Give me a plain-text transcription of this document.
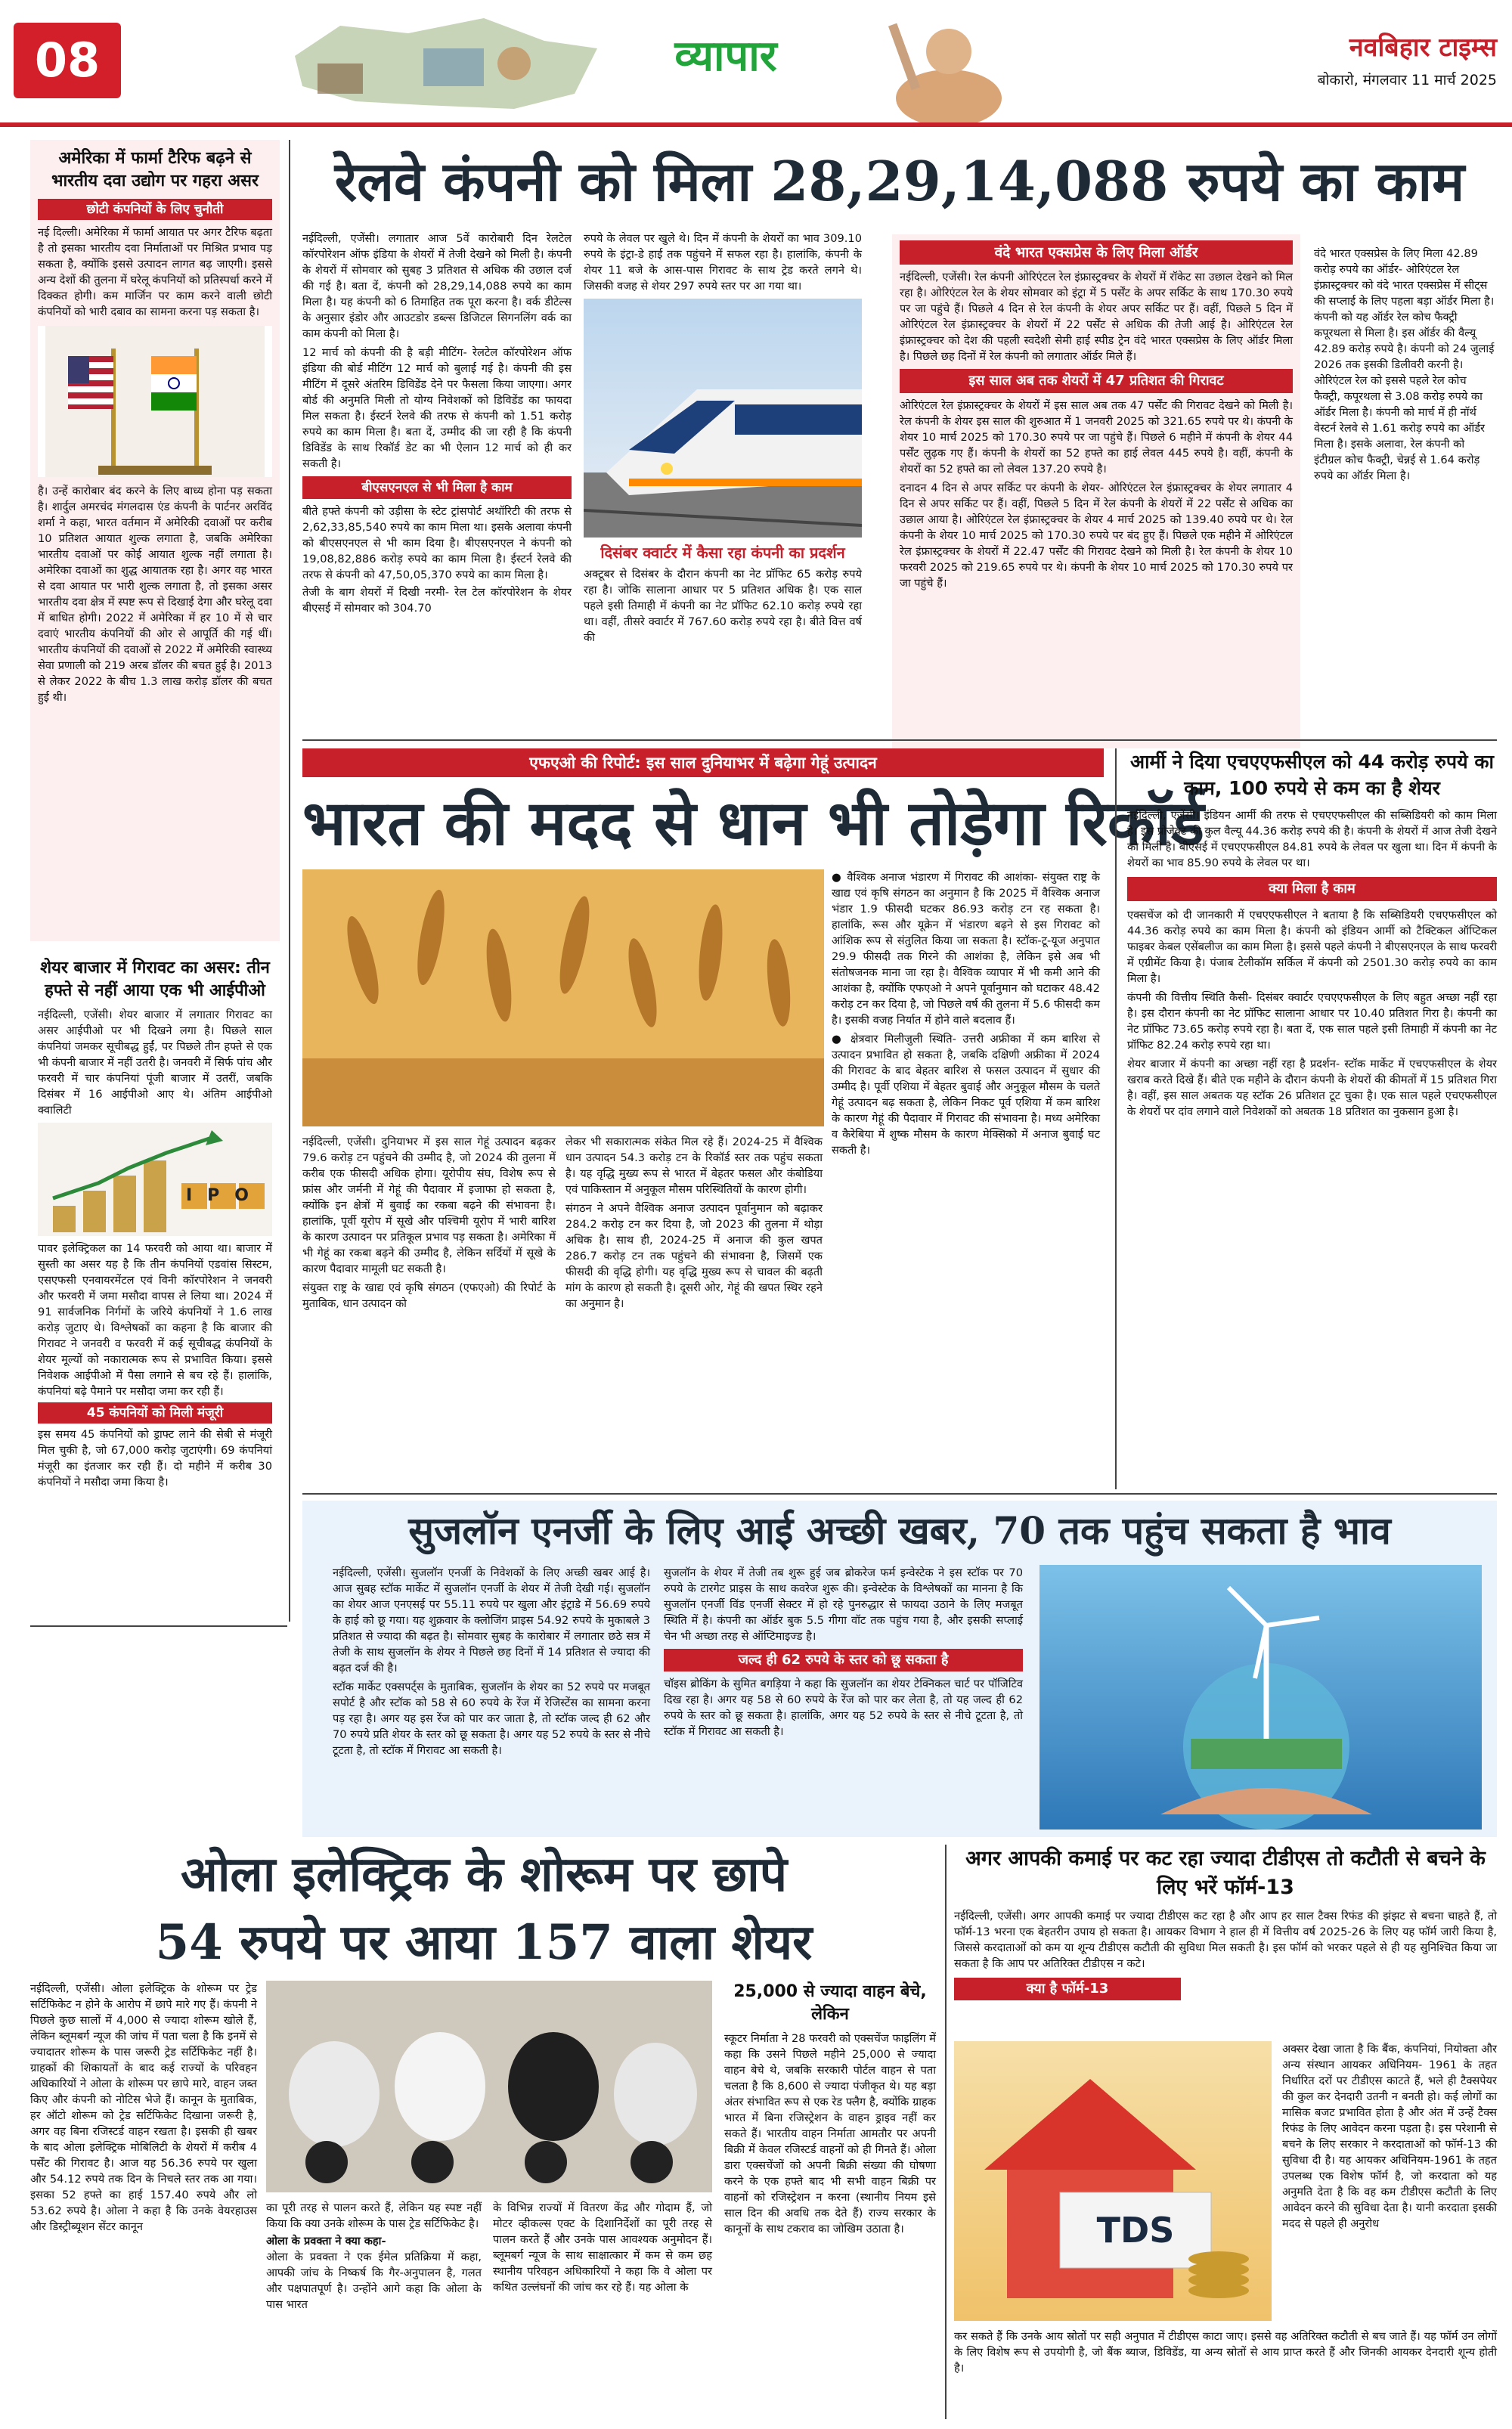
08	व्यापार	नवबिहार टाइम्स
बोकारो, मंगलवार 11 मार्च 2025
अमेरिका में फार्मा टैरिफ बढ़ने से भारतीय दवा उद्योग पर गहरा असर
छोटी कंपनियों के लिए चुनौती

नई दिल्ली। अमेरिका में फार्मा आयात पर अगर टैरिफ बढ़ता है तो इसका भारतीय दवा निर्माताओं पर मिश्रित प्रभाव पड़ सकता है, क्योंकि इससे उत्पादन लागत बढ़ जाएगी। इससे अन्य देशों की तुलना में घरेलू कंपनियों को प्रतिस्पर्धा करने में दिक्कत होगी। कम मार्जिन पर काम करने वाली छोटी कंपनियों को भारी दबाव का सामना करना पड़ सकता है।

है। उन्हें कारोबार बंद करने के लिए बाध्य होना पड़ सकता है। शार्दुल अमरचंद मंगलदास एंड कंपनी के पार्टनर अरविंद शर्मा ने कहा, भारत वर्तमान में अमेरिकी दवाओं पर करीब 10 प्रतिशत आयात शुल्क लगाता है, जबकि अमेरिका भारतीय दवाओं पर कोई आयात शुल्क नहीं लगाता है। अमेरिका दवाओं का शुद्ध आयातक रहा है। अगर वह भारत से दवा आयात पर भारी शुल्क लगाता है, तो इसका असर भारतीय दवा क्षेत्र में स्पष्ट रूप से दिखाई देगा और घरेलू दवा में बाधित होगी। 2022 में अमेरिका में हर 10 में से चार दवाएं भारतीय कंपनियों की ओर से आपूर्ति की गई थीं। भारतीय कंपनियों की दवाओं से 2022 में अमेरिकी स्वास्थ्य सेवा प्रणाली को 219 अरब डॉलर की बचत हुई है। 2013 से लेकर 2022 के बीच 1.3 लाख करोड़ डॉलर की बचत हुई थी।

शेयर बाजार में गिरावट का असर: तीन हफ्ते से नहीं आया एक भी आईपीओ

नईदिल्ली, एजेंसी। शेयर बाजार में लगातार गिरावट का असर आईपीओ पर भी दिखने लगा है। पिछले साल कंपनियां जमकर सूचीबद्ध हुईं, पर पिछले तीन हफ्ते से एक भी कंपनी बाजार में नहीं उतरी है। जनवरी में सिर्फ पांच और फरवरी में चार कंपनियां पूंजी बाजार में उतरीं, जबकि दिसंबर में 16 आईपीओ आए थे। अंतिम आईपीओ क्वालिटी

IPO

पावर इलेक्ट्रिकल का 14 फरवरी को आया था। बाजार में सुस्ती का असर यह है कि तीन कंपनियों एडवांस सिस्टम, एसएफसी एनवायरमेंटल एवं विनी कॉरपोरेशन ने जनवरी और फरवरी में जमा मसौदा वापस ले लिया था। 2024 में 91 सार्वजनिक निर्गमों के जरिये कंपनियों ने 1.6 लाख करोड़ जुटाए थे। विश्लेषकों का कहना है कि बाजार की गिरावट ने जनवरी व फरवरी में कई सूचीबद्ध कंपनियों के शेयर मूल्यों को नकारात्मक रूप से प्रभावित किया। इससे निवेशक आईपीओ में पैसा लगाने से बच रहे हैं। हालांकि, कंपनियां बढ़े पैमाने पर मसौदा जमा कर रही हैं।

45 कंपनियों को मिली मंजूरी

इस समय 45 कंपनियों को ड्राफ्ट लाने की सेबी से मंजूरी मिल चुकी है, जो 67,000 करोड़ जुटाएंगी। 69 कंपनियां मंजूरी का इंतजार कर रही हैं। दो महीने में करीब 30 कंपनियों ने मसौदा जमा किया है।

रेलवे कंपनी को मिला 28,29,14,088 रुपये का काम

नईदिल्ली, एजेंसी। लगातार आज 5वें कारोबारी दिन रेलटेल कॉरपोरेशन ऑफ इंडिया के शेयरों में तेजी देखने को मिली है। कंपनी के शेयरों में सोमवार को सुबह 3 प्रतिशत से अधिक की उछाल दर्ज की गई है। बता दें, कंपनी को 28,29,14,088 रुपये का काम मिला है। यह कंपनी को 6 तिमाहित तक पूरा करना है। वर्क डीटेल्स के अनुसार इंडोर और आउटडोर डब्ल्स डिजिटल सिगनलिंग वर्क का काम कंपनी को मिला है।

12 मार्च को कंपनी की है बड़ी मीटिंग- रेलटेल कॉरपोरेशन ऑफ इंडिया की बोर्ड मीटिंग 12 मार्च को बुलाई गई है। कंपनी की इस मीटिंग में दूसरे अंतरिम डिविडेंड देने पर फैसला किया जाएगा। अगर बोर्ड की अनुमति मिली तो योग्य निवेशकों को डिविडेंड का फायदा मिल सकता है। ईस्टर्न रेलवे की तरफ से कंपनी को 1.51 करोड़ रुपये का काम मिला है। बता दें, उम्मीद की जा रही है कि कंपनी डिविडेंड के साथ रिकॉर्ड डेट का भी ऐलान 12 मार्च को ही कर सकती है।

बीएसएनएल से भी मिला है काम

बीते हफ्ते कंपनी को उड़ीसा के स्टेट ट्रांसपोर्ट अथॉरिटी की तरफ से 2,62,33,85,540 रुपये का काम मिला था। इसके अलावा कंपनी को बीएसएनएल से भी काम दिया है। बीएसएनएल ने कंपनी को 19,08,82,886 करोड़ रुपये का काम मिला है। ईस्टर्न रेलवे की तरफ से कंपनी को 47,50,05,370 रुपये का काम मिला है।

तेजी के बाग शेयरों में दिखी नरमी- रेल टेल कॉरपोरेशन के शेयर बीएसई में सोमवार को 304.70

रुपये के लेवल पर खुले थे। दिन में कंपनी के शेयरों का भाव 309.10 रुपये के इंट्रा-डे हाई तक पहुंचने में सफल रहा है। हालांकि, कंपनी के शेयर 11 बजे के आस-पास गिरावट के साथ ट्रेड करते लगने थे। जिसकी वजह से शेयर 297 रुपये स्तर पर आ गया था।

दिसंबर क्वार्टर में कैसा रहा कंपनी का प्रदर्शन

अक्टूबर से दिसंबर के दौरान कंपनी का नेट प्रॉफिट 65 करोड़ रुपये रहा है। जोकि सालाना आधार पर 5 प्रतिशत अधिक है। एक साल पहले इसी तिमाही में कंपनी का नेट प्रॉफिट 62.10 करोड़ रुपये रहा था। वहीं, तीसरे क्वार्टर में 767.60 करोड़ रुपये रहा है। बीते वित्त वर्ष की

वंदे भारत एक्सप्रेस के लिए मिला ऑर्डर

नईदिल्ली, एजेंसी। रेल कंपनी ओरिएंटल रेल इंफ्रास्ट्रक्चर के शेयरों में रॉकेट सा उछाल देखने को मिल रहा है। ओरिएंटल रेल के शेयर सोमवार को इंट्रा में 5 पर्सेंट के अपर सर्किट के साथ 170.30 रुपये पर जा पहुंचे हैं। पिछले 4 दिन से रेल कंपनी के शेयर अपर सर्किट पर हैं। वहीं, पिछले 5 दिन में ओरिएंटल रेल इंफ्रास्ट्रक्चर के शेयरों में 22 पर्सेंट से अधिक की तेजी आई है। ओरिएंटल रेल इंफ्रास्ट्रक्चर को देश की पहली स्वदेशी सेमी हाई स्पीड ट्रेन वंदे भारत एक्सप्रेस के लिए ऑर्डर मिला है। पिछले छह दिनों में रेल कंपनी को लगातार ऑर्डर मिले हैं।

इस साल अब तक शेयरों में 47 प्रतिशत की गिरावट

ओरिएंटल रेल इंफ्रास्ट्रक्चर के शेयरों में इस साल अब तक 47 पर्सेंट की गिरावट देखने को मिली है। रेल कंपनी के शेयर इस साल की शुरुआत में 1 जनवरी 2025 को 321.65 रुपये पर थे। कंपनी के शेयर 10 मार्च 2025 को 170.30 रुपये पर जा पहुंचे हैं। पिछले 6 महीने में कंपनी के शेयर 44 पर्सेंट लुढ़क गए हैं। कंपनी के शेयरों का 52 हफ्ते का हाई लेवल 445 रुपये है। वहीं, कंपनी के शेयरों का 52 हफ्ते का लो लेवल 137.20 रुपये है।

दनादन 4 दिन से अपर सर्किट पर कंपनी के शेयर- ओरिएंटल रेल इंफ्रास्ट्रक्चर के शेयर लगातार 4 दिन से अपर सर्किट पर हैं। वहीं, पिछले 5 दिन में रेल कंपनी के शेयरों में 22 पर्सेंट से अधिक का उछाल आया है। ओरिएंटल रेल इंफ्रास्ट्रक्चर के शेयर 4 मार्च 2025 को 139.40 रुपये पर थे। रेल कंपनी के शेयर 10 मार्च 2025 को 170.30 रुपये पर बंद हुए हैं। पिछले एक महीने में ओरिएंटल रेल इंफ्रास्ट्रक्चर के शेयरों में 22.47 पर्सेंट की गिरावट देखने को मिली है। रेल कंपनी के शेयर 10 फरवरी 2025 को 219.65 रुपये पर थे। कंपनी के शेयर 10 मार्च 2025 को 170.30 रुपये पर जा पहुंचे हैं।

वंदे भारत एक्सप्रेस के लिए मिला 42.89 करोड़ रुपये का ऑर्डर- ओरिएंटल रेल इंफ्रास्ट्रक्चर को वंदे भारत एक्सप्रेस में सीट्स की सप्लाई के लिए पहला बड़ा ऑर्डर मिला है। कंपनी को यह ऑर्डर रेल कोच फैक्ट्री कपूरथला से मिला है। इस ऑर्डर की वैल्यू 42.89 करोड़ रुपये है। कंपनी को 24 जुलाई 2026 तक इसकी डिलीवरी करनी है। ओरिएंटल रेल को इससे पहले रेल कोच फैक्ट्री, कपूरथला से 3.08 करोड़ रुपये का ऑर्डर मिला है। कंपनी को मार्च में ही नॉर्थ वेस्टर्न रेलवे से 1.61 करोड़ रुपये का ऑर्डर मिला है। इसके अलावा, रेल कंपनी को इंटीग्रल कोच फैक्ट्री, चेन्नई से 1.64 करोड़ रुपये का ऑर्डर मिला है।

एफएओ की रिपोर्ट: इस साल दुनियाभर में बढ़ेगा गेहूं उत्पादन
भारत की मदद से धान भी तोड़ेगा रिकॉर्ड

नईदिल्ली, एजेंसी। दुनियाभर में इस साल गेहूं उत्पादन बढ़कर 79.6 करोड़ टन पहुंचने की उम्मीद है, जो 2024 की तुलना में करीब एक फीसदी अधिक होगा। यूरोपीय संघ, विशेष रूप से फ्रांस और जर्मनी में गेहूं की पैदावार में इजाफा हो सकता है, क्योंकि इन क्षेत्रों में बुवाई का रकबा बढ़ने की संभावना है। हालांकि, पूर्वी यूरोप में सूखे और पश्चिमी यूरोप में भारी बारिश के कारण उत्पादन पर प्रतिकूल प्रभाव पड़ सकता है। अमेरिका में भी गेहूं का रकबा बढ़ने की उम्मीद है, लेकिन सर्दियों में सूखे के कारण पैदावार मामूली घट सकती है।

संयुक्त राष्ट्र के खाद्य एवं कृषि संगठन (एफएओ) की रिपोर्ट के मुताबिक, धान उत्पादन को

लेकर भी सकारात्मक संकेत मिल रहे हैं। 2024-25 में वैश्विक धान उत्पादन 54.3 करोड़ टन के रिकॉर्ड स्तर तक पहुंच सकता है। यह वृद्धि मुख्य रूप से भारत में बेहतर फसल और कंबोडिया एवं पाकिस्तान में अनुकूल मौसम परिस्थितियों के कारण होगी।

संगठन ने अपने वैश्विक अनाज उत्पादन पूर्वानुमान को बढ़ाकर 284.2 करोड़ टन कर दिया है, जो 2023 की तुलना में थोड़ा अधिक है। साथ ही, 2024-25 में अनाज की कुल खपत 286.7 करोड़ टन तक पहुंचने की संभावना है, जिसमें एक फीसदी की वृद्धि होगी। यह वृद्धि मुख्य रूप से चावल की बढ़ती मांग के कारण हो सकती है। दूसरी ओर, गेहूं की खपत स्थिर रहने का अनुमान है।

● वैश्विक अनाज भंडारण में गिरावट की आशंका- संयुक्त राष्ट्र के खाद्य एवं कृषि संगठन का अनुमान है कि 2025 में वैश्विक अनाज भंडार 1.9 फीसदी घटकर 86.93 करोड़ टन रह सकता है। हालांकि, रूस और यूक्रेन में भंडारण बढ़ने से इस गिरावट को आंशिक रूप से संतुलित किया जा सकता है। स्टॉक-टू-यूज अनुपात 29.9 फीसदी तक गिरने की आशंका है, लेकिन इसे अब भी संतोषजनक माना जा रहा है। वैश्विक व्यापार में भी कमी आने की आशंका है, क्योंकि एफएओ ने अपने पूर्वानुमान को घटाकर 48.42 करोड़ टन कर दिया है, जो पिछले वर्ष की तुलना में 5.6 फीसदी कम है। इसकी वजह निर्यात में होने वाले बदलाव हैं।

● क्षेत्रवार मिलीजुली स्थिति- उत्तरी अफ्रीका में कम बारिश से उत्पादन प्रभावित हो सकता है, जबकि दक्षिणी अफ्रीका में 2024 की गिरावट के बाद बेहतर बारिश से फसल उत्पादन में सुधार की उम्मीद है। पूर्वी एशिया में बेहतर बुवाई और अनुकूल मौसम के चलते गेहूं उत्पादन बढ़ सकता है, लेकिन निकट पूर्व एशिया में कम बारिश के कारण गेहूं की पैदावार में गिरावट की संभावना है। मध्य अमेरिका व कैरेबिया में शुष्क मौसम के कारण मेक्सिको में अनाज बुवाई घट सकती है।

आर्मी ने दिया एचएएफसीएल को 44 करोड़ रुपये का काम, 100 रुपये से कम का है शेयर

नईदिल्ली, एजेंसी। इंडियन आर्मी की तरफ से एचएएफसीएल की सब्सिडियरी को काम मिला है। इस प्रोजेक्ट की कुल वैल्यू 44.36 करोड़ रुपये की है। कंपनी के शेयरों में आज तेजी देखने को मिली है। बीएसई में एचएएफसीएल 84.81 रुपये के लेवल पर खुला था। दिन में कंपनी के शेयरों का भाव 85.90 रुपये के लेवल पर था।

क्या मिला है काम

एक्सचेंज को दी जानकारी में एचएएफसीएल ने बताया है कि सब्सिडियरी एचएफसीएल को 44.36 करोड़ रुपये का काम मिला है। कंपनी को इंडियन आर्मी को टैक्टिकल ऑप्टिकल फाइबर केबल एसेंबलीज का काम मिला है। इससे पहले कंपनी ने बीएसएनएल के साथ फरवरी में एग्रीमेंट किया है। पंजाब टेलीकॉम सर्किल में कंपनी को 2501.30 करोड़ रुपये का काम मिला है।

कंपनी की वित्तीय स्थिति कैसी- दिसंबर क्वार्टर एचएएफसीएल के लिए बहुत अच्छा नहीं रहा है। इस दौरान कंपनी का नेट प्रॉफिट सालाना आधार पर 10.40 प्रतिशत गिरा है। कंपनी का नेट प्रॉफिट 73.65 करोड़ रुपये रहा है। बता दें, एक साल पहले इसी तिमाही में कंपनी का नेट प्रॉफिट 82.24 करोड़ रुपये रहा था।

शेयर बाजार में कंपनी का अच्छा नहीं रहा है प्रदर्शन- स्टॉक मार्केट में एचएफसीएल के शेयर खराब करते दिखे हैं। बीते एक महीने के दौरान कंपनी के शेयरों की कीमतों में 15 प्रतिशत गिरा है। वहीं, इस साल अबतक यह स्टॉक 26 प्रतिशत टूट चुका है। एक साल पहले एचएफसीएल के शेयरों पर दांव लगाने वाले निवेशकों को अबतक 18 प्रतिशत का नुकसान हुआ है।

सुजलॉन एनर्जी के लिए आई अच्छी खबर, 70 तक पहुंच सकता है भाव

नईदिल्ली, एजेंसी। सुजलॉन एनर्जी के निवेशकों के लिए अच्छी खबर आई है। आज सुबह स्टॉक मार्केट में सुजलॉन एनर्जी के शेयर में तेजी देखी गई। सुजलॉन का शेयर आज एनएसई पर 55.11 रुपये पर खुला और इंट्राडे में 56.69 रुपये के हाई को छू गया। यह शुक्रवार के क्लोजिंग प्राइस 54.92 रुपये के मुकाबले 3 प्रतिशत से ज्यादा की बढ़त है। सोमवार सुबह के कारोबार में लगातार छठे सत्र में तेजी के साथ सुजलॉन के शेयर ने पिछले छह दिनों में 14 प्रतिशत से ज्यादा की बढ़त दर्ज की है।

स्टॉक मार्केट एक्सपर्ट्स के मुताबिक, सुजलॉन के शेयर का 52 रुपये पर मजबूत सपोर्ट है और स्टॉक को 58 से 60 रुपये के रेंज में रेजिस्टेंस का सामना करना पड़ रहा है। अगर यह इस रेंज को पार कर जाता है, तो स्टॉक जल्द ही 62 और 70 रुपये प्रति शेयर के स्तर को छू सकता है। अगर यह 52 रुपये के स्तर से नीचे टूटता है, तो स्टॉक में गिरावट आ सकती है।

सुजलॉन के शेयर में तेजी तब शुरू हुई जब ब्रोकरेज फर्म इन्वेस्टेक ने इस स्टॉक पर 70 रुपये के टारगेट प्राइस के साथ कवरेज शुरू की। इन्वेस्टेक के विश्लेषकों का मानना है कि सुजलॉन एनर्जी विंड एनर्जी सेक्टर में हो रहे पुनरुद्धार से फायदा उठाने के लिए मजबूत स्थिति में है। कंपनी का ऑर्डर बुक 5.5 गीगा वॉट तक पहुंच गया है, और इसकी सप्लाई चेन भी अच्छा तरह से ऑप्टिमाइज्ड है।

जल्द ही 62 रुपये के स्तर को छू सकता है

चॉइस ब्रोकिंग के सुमित बगड़िया ने कहा कि सुजलॉन का शेयर टेक्निकल चार्ट पर पॉजिटिव दिख रहा है। अगर यह 58 से 60 रुपये के रेंज को पार कर लेता है, तो यह जल्द ही 62 रुपये के स्तर को छू सकता है। हालांकि, अगर यह 52 रुपये के स्तर से नीचे टूटता है, तो स्टॉक में गिरावट आ सकती है।

ओला इलेक्ट्रिक के शोरूम पर छापे
54 रुपये पर आया 157 वाला शेयर

नईदिल्ली, एजेंसी। ओला इलेक्ट्रिक के शोरूम पर ट्रेड सर्टिफिकेट न होने के आरोप में छापे मारे गए हैं। कंपनी ने पिछले कुछ सालों में 4,000 से ज्यादा शोरूम खोले हैं, लेकिन ब्लूमबर्ग न्यूज की जांच में पता चला है कि इनमें से ज्यादातर शोरूम के पास जरूरी ट्रेड सर्टिफिकेट नहीं है। ग्राहकों की शिकायतों के बाद कई राज्यों के परिवहन अधिकारियों ने ओला के शोरूम पर छापे मारे, वाहन जब्त किए और कंपनी को नोटिस भेजे हैं। कानून के मुताबिक, हर ऑटो शोरूम को ट्रेड सर्टिफिकेट दिखाना जरूरी है, अगर वह बिना रजिस्टर्ड वाहन रखता है। इसकी ही खबर के बाद ओला इलेक्ट्रिक मोबिलिटी के शेयरों में करीब 4 पर्सेंट की गिरावट है। आज यह 56.36 रुपये पर खुला और 54.12 रुपये तक दिन के निचले स्तर तक आ गया। इसका 52 हफ्ते का हाई 157.40 रुपये और लो 53.62 रुपये है। ओला ने कहा है कि उनके वेयरहाउस और डिस्ट्रीब्यूशन सेंटर कानून

का पूरी तरह से पालन करते हैं, लेकिन यह स्पष्ट नहीं किया कि क्या उनके शोरूम के पास ट्रेड सर्टिफिकेट है।

ओला के प्रवक्ता ने क्या कहा-

ओला के प्रवक्ता ने एक ईमेल प्रतिक्रिया में कहा, आपकी जांच के निष्कर्ष कि गैर-अनुपालन है, गलत और पक्षपातपूर्ण है। उन्होंने आगे कहा कि ओला के पास भारत

के विभिन्न राज्यों में वितरण केंद्र और गोदाम हैं, जो मोटर व्हीकल्स एक्ट के दिशानिर्देशों का पूरी तरह से पालन करते हैं और उनके पास आवश्यक अनुमोदन हैं। ब्लूमबर्ग न्यूज के साथ साक्षात्कार में कम से कम छह स्थानीय परिवहन अधिकारियों ने कहा कि वे ओला पर कथित उल्लंघनों की जांच कर रहे हैं। यह ओला के

25,000 से ज्यादा वाहन बेचे, लेकिन

स्कूटर निर्माता ने 28 फरवरी को एक्सचेंज फाइलिंग में कहा कि उसने पिछले महीने 25,000 से ज्यादा वाहन बेचे थे, जबकि सरकारी पोर्टल वाहन से पता चलता है कि 8,600 से ज्यादा पंजीकृत थे। यह बड़ा अंतर संभावित रूप से एक रेड फ्लैग है, क्योंकि ग्राहक भारत में बिना रजिस्ट्रेशन के वाहन ड्राइव नहीं कर सकते हैं। भारतीय वाहन निर्माता आमतौर पर अपनी बिक्री में केवल रजिस्टर्ड वाहनों को ही गिनते हैं। ओला डारा एक्सचेंजों को अपनी बिक्री संख्या की घोषणा करने के एक हफ्ते बाद भी सभी वाहन बिक्री पर वाहनों को रजिस्ट्रेशन न करना (स्थानीय नियम इसे साल दिन की अवधि तक देते हैं) राज्य सरकार के कानूनों के साथ टकराव का जोखिम उठाता है।

अगर आपकी कमाई पर कट रहा ज्यादा टीडीएस तो कटौती से बचने के लिए भरें फॉर्म-13

नईदिल्ली, एजेंसी। अगर आपकी कमाई पर ज्यादा टीडीएस कट रहा है और आप हर साल टैक्स रिफंड की झंझट से बचना चाहते हैं, तो फॉर्म-13 भरना एक बेहतरीन उपाय हो सकता है। आयकर विभाग ने हाल ही में वित्तीय वर्ष 2025-26 के लिए यह फॉर्म जारी किया है, जिससे करदाताओं को कम या शून्य टीडीएस कटौती की सुविधा मिल सकती है। इस फॉर्म को भरकर पहले से ही यह सुनिश्चित किया जा सकता है कि आप पर अतिरिक्त टीडीएस न कटे।

क्या है फॉर्म-13
TDS

अक्सर देखा जाता है कि बैंक, कंपनियां, नियोक्ता और अन्य संस्थान आयकर अधिनियम- 1961 के तहत निर्धारित दरों पर टीडीएस काटते हैं, भले ही टैक्सपेयर की कुल कर देनदारी उतनी न बनती हो। कई लोगों का मासिक बजट प्रभावित होता है और अंत में उन्हें टैक्स रिफंड के लिए आवेदन करना पड़ता है। इस परेशानी से बचने के लिए सरकार ने करदाताओं को फॉर्म-13 की सुविधा दी है। यह आयकर अधिनियम-1961 के तहत उपलब्ध एक विशेष फॉर्म है, जो करदाता को यह अनुमति देता है कि वह कम टीडीएस कटौती के लिए आवेदन करने की सुविधा देता है। यानी करदाता इसकी मदद से पहले ही अनुरोध

कर सकते हैं कि उनके आय स्रोतों पर सही अनुपात में टीडीएस काटा जाए। इससे वह अतिरिक्त कटौती से बच जाते हैं। यह फॉर्म उन लोगों के लिए विशेष रूप से उपयोगी है, जो बैंक ब्याज, डिविडेंड, या अन्य स्रोतों से आय प्राप्त करते हैं और जिनकी आयकर देनदारी शून्य होती है।
